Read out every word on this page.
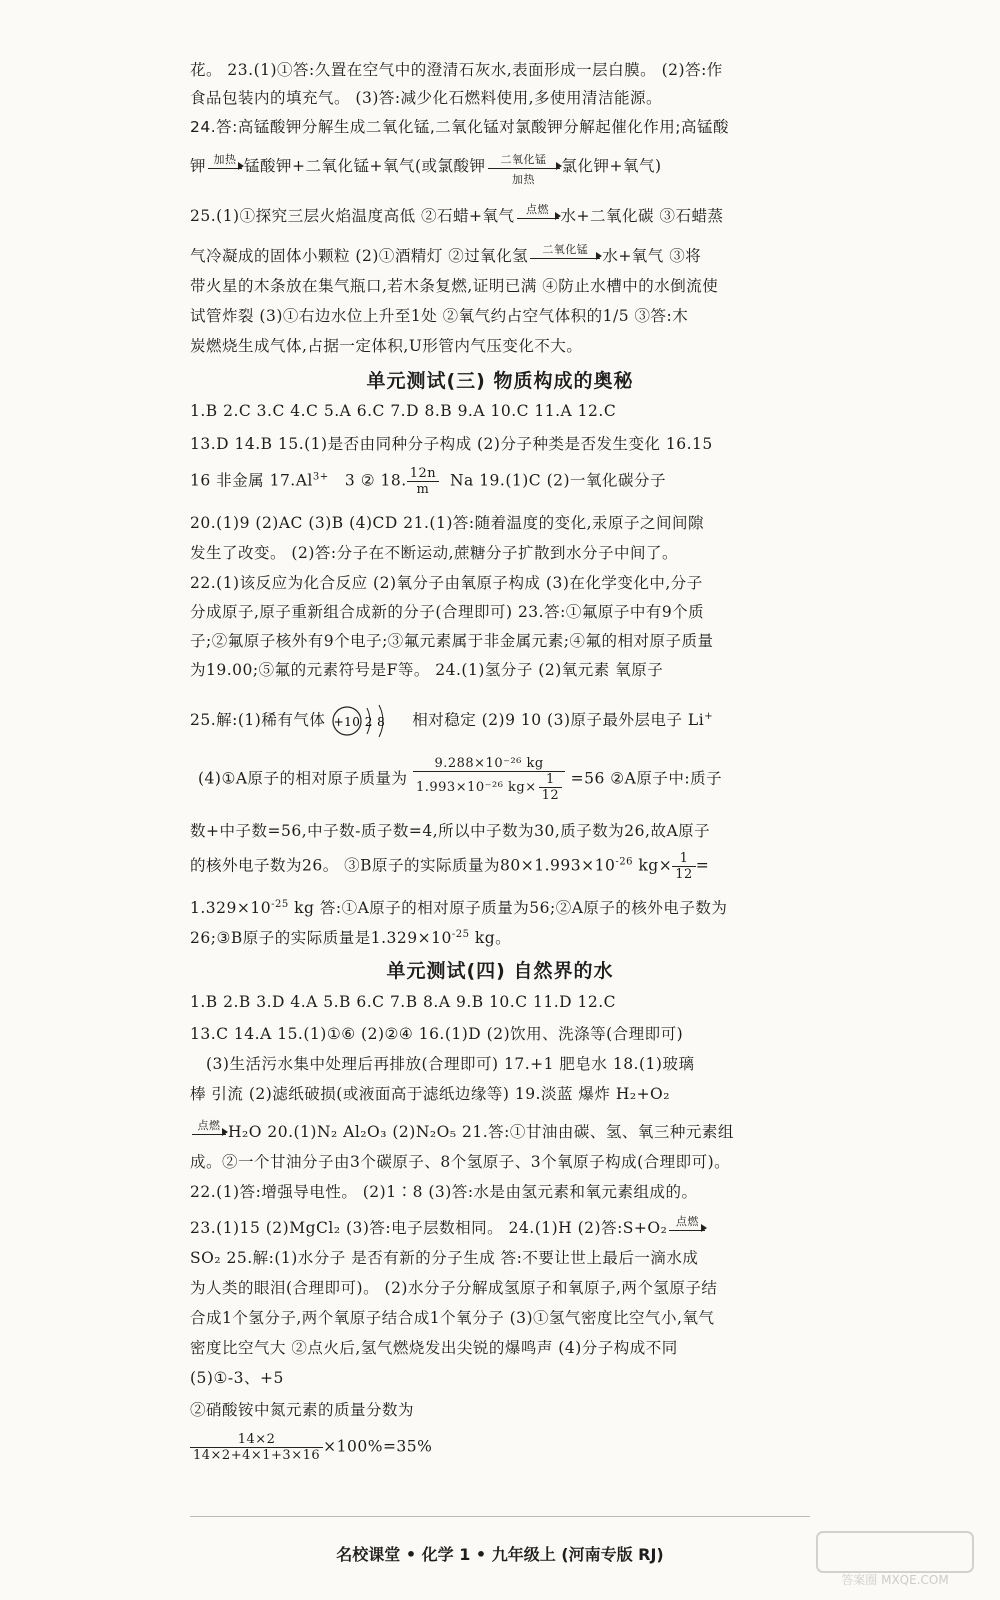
花。 23.(1)①答:久置在空气中的澄清石灰水,表面形成一层白膜。 (2)答:作
食品包装内的填充气。 (3)答:减少化石燃料使用,多使用清洁能源。
24.答:高锰酸钾分解生成二氧化锰,二氧化锰对氯酸钾分解起催化作用;高锰酸
钾 加热 锰酸钾+二氧化锰+氧气(或氯酸钾	二氧化锰
加热
氯化钾+氧气)
25.(1)①探究三层火焰温度高低 ②石蜡+氧气	点燃 水+二氧化碳 ③石蜡蒸
气冷凝成的固体小颗粒 (2)①酒精灯 ②过氧化氢	二氧化锰 水+氧气 ③将
带火星的木条放在集气瓶口,若木条复燃,证明已满 ④防止水槽中的水倒流使
试管炸裂 (3)①右边水位上升至1处 ②氧气约占空气体积的1/5 ③答:木
炭燃烧生成气体,占据一定体积,U形管内气压变化不大。
单元测试(三) 物质构成的奥秘
1.B 2.C 3.C 4.C 5.A 6.C 7.D 8.B 9.A 10.C 11.A 12.C
13.D 14.B 15.(1)是否由同种分子构成 (2)分子种类是否发生变化 16.15
16 非金属 $17.Al^{3+}$ 3 ② 18. $\frac{12n}{m}$ Na 19.(1)C (2)一氧化碳分子
20.(1)9 (2)AC (3)B (4)CD 21.(1)答:随着温度的变化,汞原子之间间隙
发生了改变。 (2)答:分子在不断运动,蔗糖分子扩散到水分子中间了。
22.(1)该反应为化合反应 (2)氧分子由氧原子构成 (3)在化学变化中,分子
分成原子,原子重新组合成新的分子(合理即可) 23.答:①氟原子中有9个质
子;②氟原子核外有9个电子;③氟元素属于非金属元素;④氟的相对原子质量
为19.00;⑤氟的元素符号是F等。 24.(1)氢分子 (2)氧元素 氧原子
25.解:(1)稀有气体 +10 2 8 相对稳定 (2)9 10 (3)原子最外层电子 Li+
(4)①A原子的相对原子质量为 $\frac{\text{9.288×10⁻²⁶ kg}}{1.993\times 10^{-26} kg\times \frac{1}{12}} =56$ ②A原子中:质子
数+中子数=56,中子数-质子数=4,所以中子数为30,质子数为26,故A原子
的核外电子数为26。 ③B原子的实际质量为$80\times 1.993\times 10^{-26}$ $kg\times \frac{1}{12}$ =
$1.329\times 10^{-25}$ kg 答:①A原子的相对原子质量为56;②A原子的核外电子数为
26;③B原子的实际质量是$1.329\times 10^{-25}$ kg。
单元测试(四) 自然界的水
1.B 2.B 3.D 4.A 5.B 6.C 7.B 8.A 9.B 10.C 11.D 12.C
13.C 14.A 15.(1)①⑥ (2)②④ 16.(1)D (2)饮用、洗涤等(合理即可)
(3)生活污水集中处理后再排放(合理即可) 17.+1 肥皂水 18.(1)玻璃
棒 引流 (2)滤纸破损(或液面高于滤纸边缘等) 19.淡蓝 爆炸 H₂+O₂
点燃 H₂O 20.(1)N₂ Al₂O₃ (2)N₂O₅ 21.答:①甘油由碳、氢、氧三种元素组
成。②一个甘油分子由3个碳原子、8个氢原子、3个氧原子构成(合理即可)。
22.(1)答:增强导电性。 (2)1∶8 (3)答:水是由氢元素和氧元素组成的。
23.(1)15 (2)MgCl₂ (3)答:电子层数相同。 24.(1)H (2)答:S+O₂ 点燃
SO₂ 25.解:(1)水分子 是否有新的分子生成 答:不要让世上最后一滴水成
为人类的眼泪(合理即可)。 (2)水分子分解成氢原子和氧原子,两个氢原子结
合成1个氢分子,两个氧原子结合成1个氧分子 (3)①氢气密度比空气小,氧气
密度比空气大 ②点火后,氢气燃烧发出尖锐的爆鸣声 (4)分子构成不同
(5)①-3、+5
②硝酸铵中氮元素的质量分数为
$\frac{14\times 2}{14\times 2+4\times 1+3\times 16} \times 100\%=35\%$
名校课堂 • 化学 1 • 九年级上 (河南专版 RJ)
答案圈 MXQE.COM
